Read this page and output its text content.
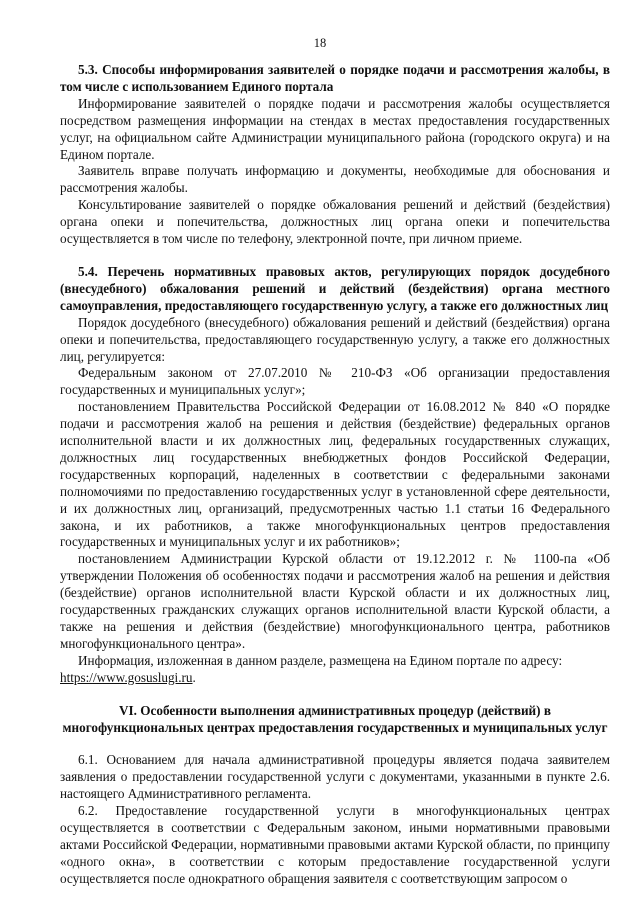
18

5.3. Способы информирования заявителей о порядке подачи и рассмотрения жалобы, в том числе с использованием Единого портала

Информирование заявителей о порядке подачи и рассмотрения жалобы осуществляется посредством размещения информации на стендах в местах предоставления государственных услуг, на официальном сайте Администрации муниципального района (городского округа) и на Едином портале.

Заявитель вправе получать информацию и документы, необходимые для обоснования и рассмотрения жалобы.

Консультирование заявителей о порядке обжалования решений и действий (бездействия) органа опеки и попечительства, должностных лиц органа опеки и попечительства осуществляется в том числе по телефону, электронной почте, при личном приеме.

5.4. Перечень нормативных правовых актов, регулирующих порядок досудебного (внесудебного) обжалования решений и действий (бездействия) органа местного самоуправления, предоставляющего государственную услугу, а также его должностных лиц

Порядок досудебного (внесудебного) обжалования решений и действий (бездействия) органа опеки и попечительства, предоставляющего государственную услугу, а также его должностных лиц, регулируется:

Федеральным законом от 27.07.2010 № 210-ФЗ «Об организации предоставления государственных и муниципальных услуг»;

постановлением Правительства Российской Федерации от 16.08.2012 № 840 «О порядке подачи и рассмотрения жалоб на решения и действия (бездействие) федеральных органов исполнительной власти и их должностных лиц, федеральных государственных служащих, должностных лиц государственных внебюджетных фондов Российской Федерации, государственных корпораций, наделенных в соответствии с федеральными законами полномочиями по предоставлению государственных услуг в установленной сфере деятельности, и их должностных лиц, организаций, предусмотренных частью 1.1 статьи 16 Федерального закона, и их работников, а также многофункциональных центров предоставления государственных и муниципальных услуг и их работников»;

постановлением Администрации Курской области от 19.12.2012 г. № 1100-па «Об утверждении Положения об особенностях подачи и рассмотрения жалоб на решения и действия (бездействие) органов исполнительной власти Курской области и их должностных лиц, государственных гражданских служащих органов исполнительной власти Курской области, а также на решения и действия (бездействие) многофункционального центра, работников многофункционального центра».

Информация, изложенная в данном разделе, размещена на Едином портале по адресу:

https://www.gosuslugi.ru.

VI. Особенности выполнения административных процедур (действий) в многофункциональных центрах предоставления государственных и муниципальных услуг

6.1. Основанием для начала административной процедуры является подача заявителем заявления о предоставлении государственной услуги с документами, указанными в пункте 2.6. настоящего Административного регламента.

6.2. Предоставление государственной услуги в многофункциональных центрах осуществляется в соответствии с Федеральным законом, иными нормативными правовыми актами Российской Федерации, нормативными правовыми актами Курской области, по принципу «одного окна», в соответствии с которым предоставление государственной услуги осуществляется после однократного обращения заявителя с соответствующим запросом о
